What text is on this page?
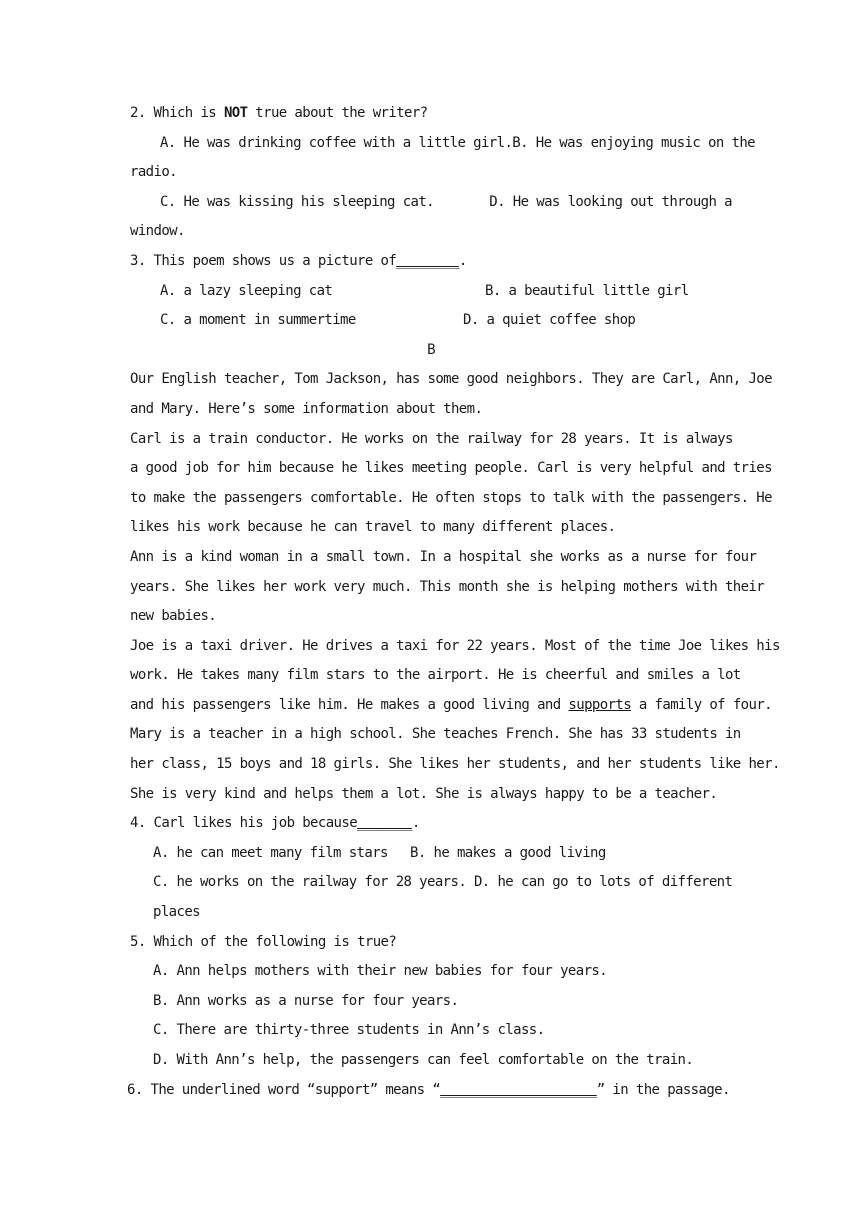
2. Which is NOT true about the writer?
A. He was drinking coffee with a little girl. B. He was enjoying music on the
radio.
C. He was kissing his sleeping cat.	D. He was looking out through a
window.
3. This poem shows us a picture of________.
A. a lazy sleeping cat	B. a beautiful little girl
C. a moment in summertime	D. a quiet coffee shop
B
Our English teacher, Tom Jackson, has some good neighbors. They are Carl, Ann, Joe
and Mary. Here’s some information about them.
Carl is a train conductor. He works on the railway for 28 years. It is always
a good job for him because he likes meeting people. Carl is very helpful and tries
to make the passengers comfortable. He often stops to talk with the passengers. He
likes his work because he can travel to many different places.
Ann is a kind woman in a small town. In a hospital she works as a nurse for four
years. She likes her work very much. This month she is helping mothers with their
new babies.
Joe is a taxi driver. He drives a taxi for 22 years. Most of the time Joe likes his
work. He takes many film stars to the airport. He is cheerful and smiles a lot
and his passengers like him. He makes a good living and supports a family of four.
Mary is a teacher in a high school. She teaches French. She has 33 students in
her class, 15 boys and 18 girls. She likes her students, and her students like her.
She is very kind and helps them a lot. She is always happy to be a teacher.
4. Carl likes his job because_______.
A. he can meet many film stars	B. he makes a good living
C. he works on the railway for 28 years. D. he can go to lots of different
places
5. Which of the following is true?
A. Ann helps mothers with their new babies for four years.
B. Ann works as a nurse for four years.
C. There are thirty-three students in Ann’s class.
D. With Ann’s help, the passengers can feel comfortable on the train.
6. The underlined word “support” means “____________________” in the passage.
